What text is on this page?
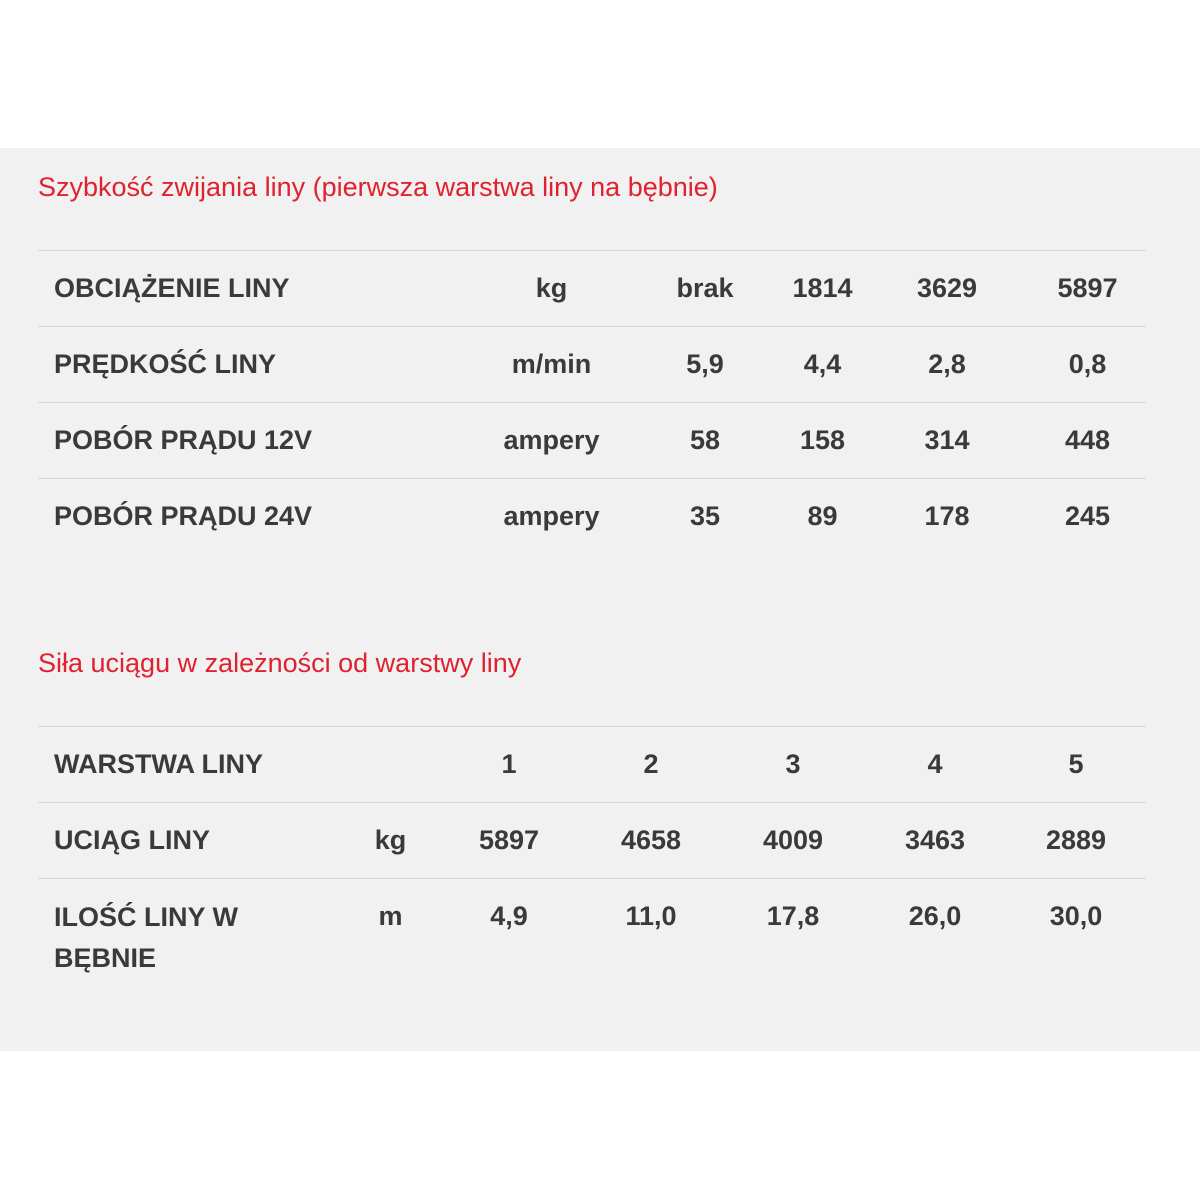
Szybkość zwijania liny (pierwsza warstwa liny na bębnie)
OBCIĄŻENIE LINY	kg	brak	1814	3629	5897
PRĘDKOŚĆ LINY	m/min	5,9	4,4	2,8	0,8
POBÓR PRĄDU 12V	ampery	58	158	314	448
POBÓR PRĄDU 24V	ampery	35	89	178	245
Siła uciągu w zależności od warstwy liny
WARSTWA LINY		1	2	3	4	5
UCIĄG LINY	kg	5897	4658	4009	3463	2889
ILOŚĆ LINY W BĘBNIE	m	4,9	11,0	17,8	26,0	30,0
